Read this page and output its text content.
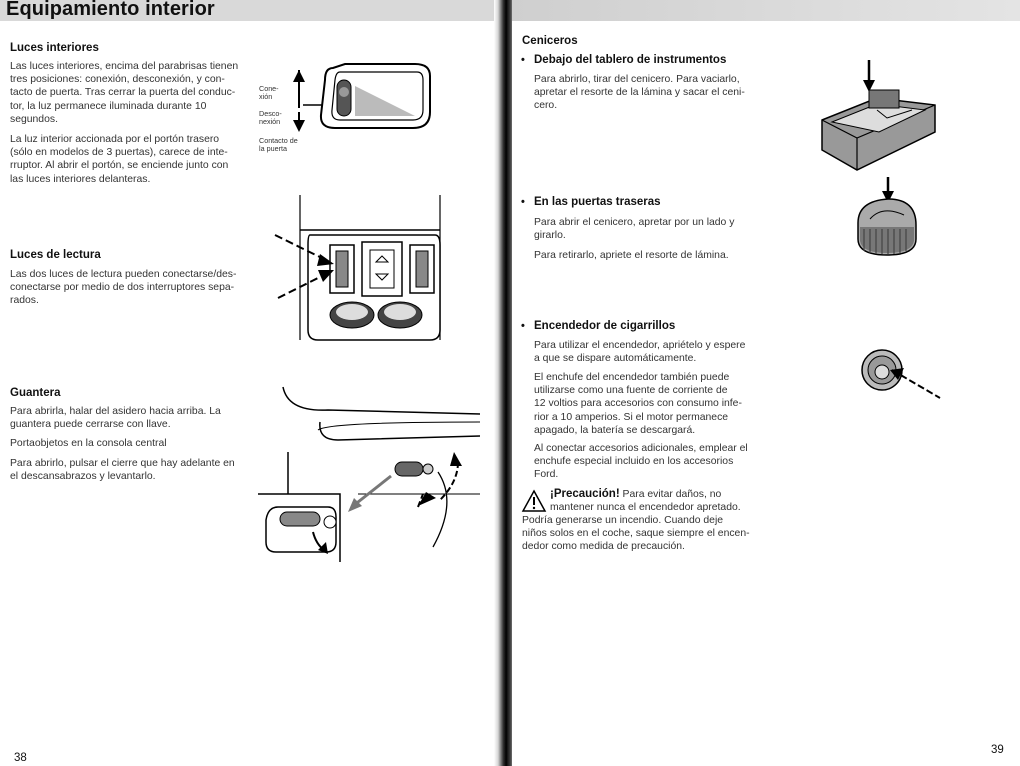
Equipamiento interior
Luces interiores
Las luces interiores, encima del parabrisas tienen
tres posiciones: conexión, desconexión, y con-
tacto de puerta. Tras cerrar la puerta del conduc-
tor, la luz permanece iluminada durante 10
segundos.
La luz interior accionada por el portón trasero
(sólo en modelos de 3 puertas), carece de inte-
rruptor. Al abrir el portón, se enciende junto con
las luces interiores delanteras.
Cone-
xión
Desco-
nexión
Contacto de
la puerta
Luces de lectura
Las dos luces de lectura pueden conectarse/des-
conectarse por medio de dos interruptores sepa-
rados.
Guantera
Para abrirla, halar del asidero hacia arriba. La
guantera puede cerrarse con llave.
Portaobjetos en la consola central
Para abrirlo, pulsar el cierre que hay adelante en
el descansabrazos y levantarlo.
38
Ceniceros
• Debajo del tablero de instrumentos
Para abrirlo, tirar del cenicero. Para vaciarlo,
apretar el resorte de la lámina y sacar el ceni-
cero.
• En las puertas traseras
Para abrir el cenicero, apretar por un lado y
girarlo.
Para retirarlo, apriete el resorte de lámina.
• Encendedor de cigarrillos
Para utilizar el encendedor, apriételo y espere
a que se dispare automáticamente.
El enchufe del encendedor también puede
utilizarse como una fuente de corriente de
12 voltios para accesorios con consumo infe-
rior a 10 amperios. Si el motor permanece
apagado, la batería se descargará.
Al conectar accesorios adicionales, emplear el
enchufe especial incluido en los accesorios
Ford.
¡Precaución! Para evitar daños, no
mantener nunca el encendedor apretado.
Podría generarse un incendio. Cuando deje
niños solos en el coche, saque siempre el encen-
dedor como medida de precaución.
39
